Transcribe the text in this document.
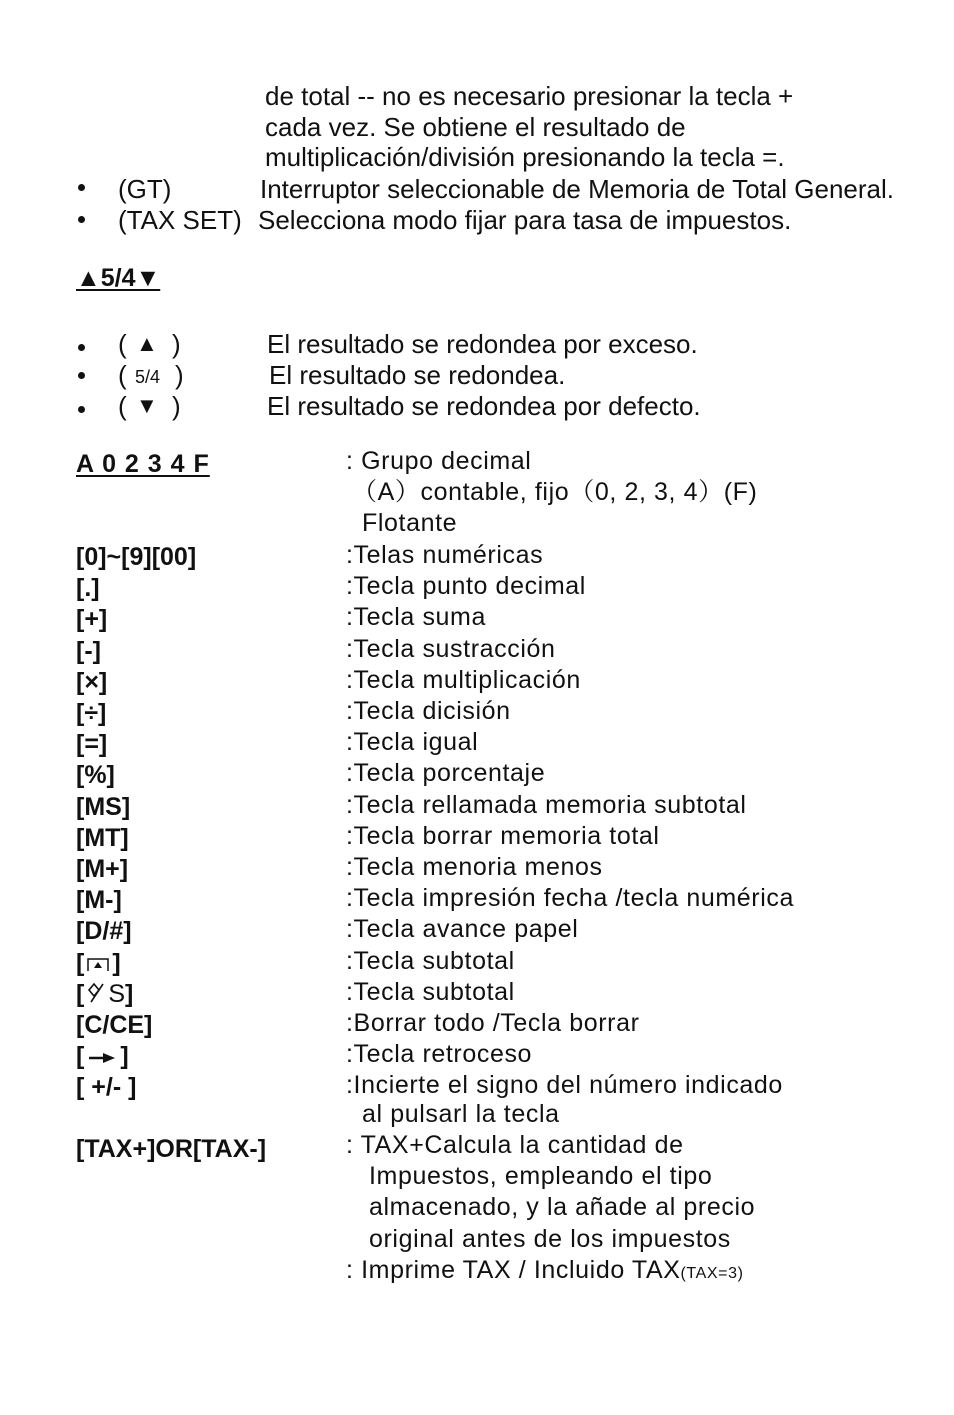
de total -- no es necesario presionar la tecla +
cada vez. Se obtiene el resultado de
multiplicación/división presionando la tecla =.
(GT)	Interruptor seleccionable de Memoria de Total General.
(TAX SET) Selecciona modo fijar para tasa de impuestos.
▲5/4▼
( ▲ )	El resultado se redondea por exceso.
( 5/4 )	El resultado se redondea.
( ▼ )	El resultado se redondea por defecto.
A 0 2 3 4 F	: Grupo decimal
（A）contable, fijo（0, 2, 3, 4）(F)
Flotante
[0]~[9][00]	:Telas numéricas
[.]	:Tecla punto decimal
[+]	:Tecla suma
[-]	:Tecla sustracción
[×]	:Tecla multiplicación
[÷]	:Tecla dicisión
[=]	:Tecla igual
[%]	:Tecla porcentaje
[MS]	:Tecla rellamada memoria subtotal
[MT]	:Tecla borrar memoria total
[M+]	:Tecla menoria menos
[M-]	:Tecla impresión fecha /tecla numérica
[D/#]	:Tecla avance papel
[ ]	:Tecla subtotal
[ S]	:Tecla subtotal
[C/CE]	:Borrar todo /Tecla borrar
[ ]	:Tecla retroceso
[ +/- ]	:Incierte el signo del número indicado
al pulsarl la tecla
[TAX+]OR[TAX-]	: TAX+Calcula la cantidad de
Impuestos, empleando el tipo
almacenado, y la añade al precio
original antes de los impuestos
: Imprime TAX / Incluido TAX(TAX=3)
